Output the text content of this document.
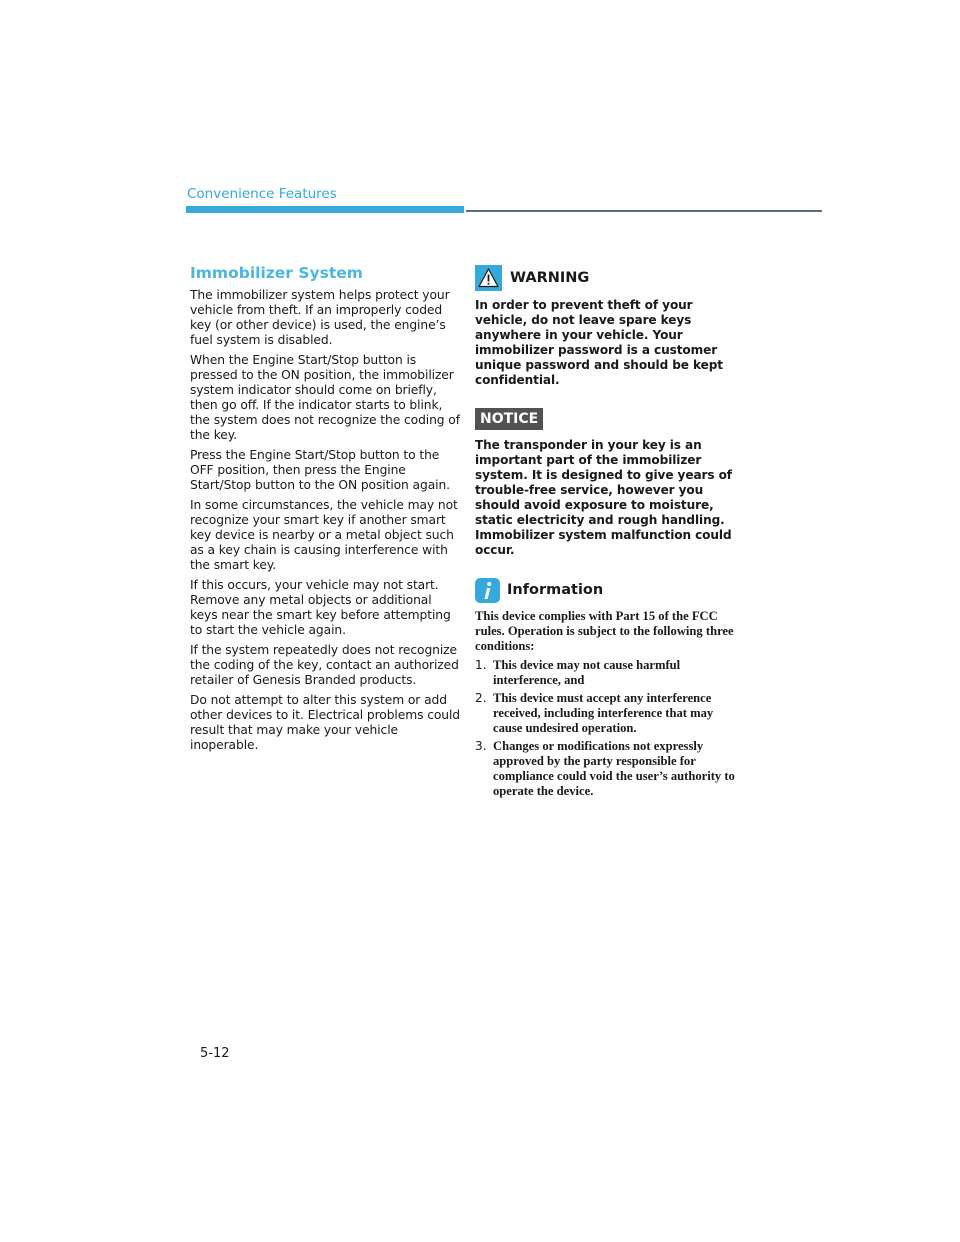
Convenience Features
Immobilizer System

The immobilizer system helps protect your vehicle from theft. If an improperly coded key (or other device) is used, the engine’s fuel system is disabled.

When the Engine Start/Stop button is pressed to the ON position, the immobilizer system indicator should come on briefly, then go off. If the indicator starts to blink, the system does not recognize the coding of the key.

Press the Engine Start/Stop button to the OFF position, then press the Engine Start/Stop button to the ON position again.

In some circumstances, the vehicle may not recognize your smart key if another smart key device is nearby or a metal object such as a key chain is causing interference with the smart key.

If this occurs, your vehicle may not start. Remove any metal objects or additional keys near the smart key before attempting to start the vehicle again.

If the system repeatedly does not recognize the coding of the key, contact an authorized retailer of Genesis Branded products.

Do not attempt to alter this system or add other devices to it. Electrical problems could result that may make your vehicle inoperable.

WARNING

In order to prevent theft of your vehicle, do not leave spare keys anywhere in your vehicle. Your immobilizer password is a customer unique password and should be kept confidential.

NOTICE

The transponder in your key is an important part of the immobilizer system. It is designed to give years of trouble-free service, however you should avoid exposure to moisture, static electricity and rough handling. Immobilizer system malfunction could occur.

Information

This device complies with Part 15 of the FCC rules. Operation is subject to the following three conditions:

1. This device may not cause harmful interference, and
2. This device must accept any interference received, including interference that may cause undesired operation.
3. Changes or modifications not expressly approved by the party responsible for compliance could void the user’s authority to operate the device.
5-12
